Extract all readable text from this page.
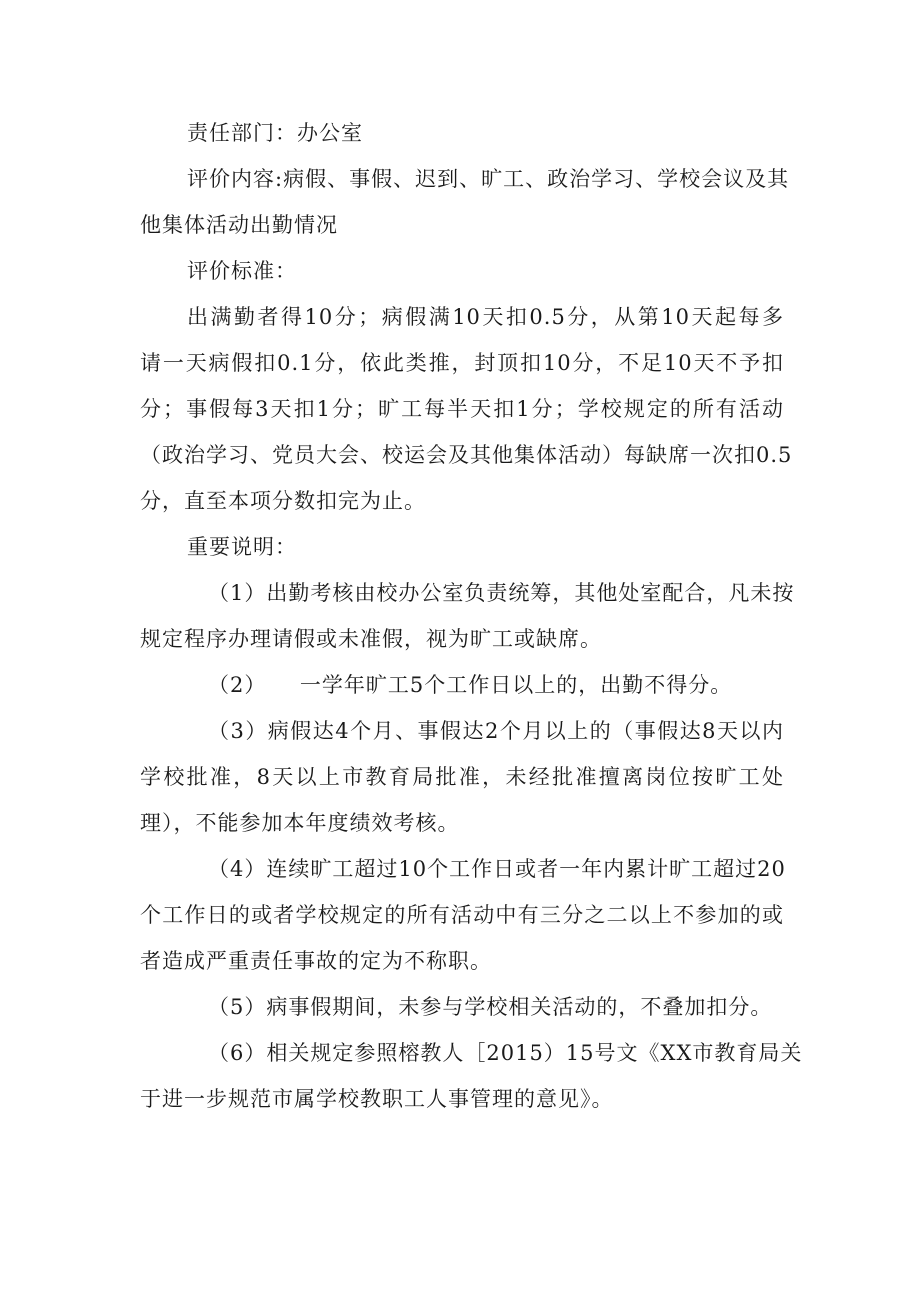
责任部门：办公室

评价内容:病假、事假、迟到、旷工、政治学习、学校会议及其

他集体活动出勤情况

评价标准：

出满勤者得10分；病假满10天扣0.5分，从第10天起每多

请一天病假扣0.1分，依此类推，封顶扣10分，不足10天不予扣

分；事假每3天扣1分；旷工每半天扣1分；学校规定的所有活动

（政治学习、党员大会、校运会及其他集体活动）每缺席一次扣0.5

分，直至本项分数扣完为止。

重要说明：

（1）出勤考核由校办公室负责统筹，其他处室配合，凡未按

规定程序办理请假或未准假，视为旷工或缺席。

（2）　　一学年旷工5个工作日以上的，出勤不得分。

（3）病假达4个月、事假达2个月以上的（事假达8天以内

学校批准，8天以上市教育局批准，未经批准擅离岗位按旷工处

理），不能参加本年度绩效考核。

（4）连续旷工超过10个工作日或者一年内累计旷工超过20

个工作日的或者学校规定的所有活动中有三分之二以上不参加的或

者造成严重责任事故的定为不称职。

（5）病事假期间，未参与学校相关活动的，不叠加扣分。

（6）相关规定参照榕教人［2015）15号文《XX市教育局关

于进一步规范市属学校教职工人事管理的意见》。
